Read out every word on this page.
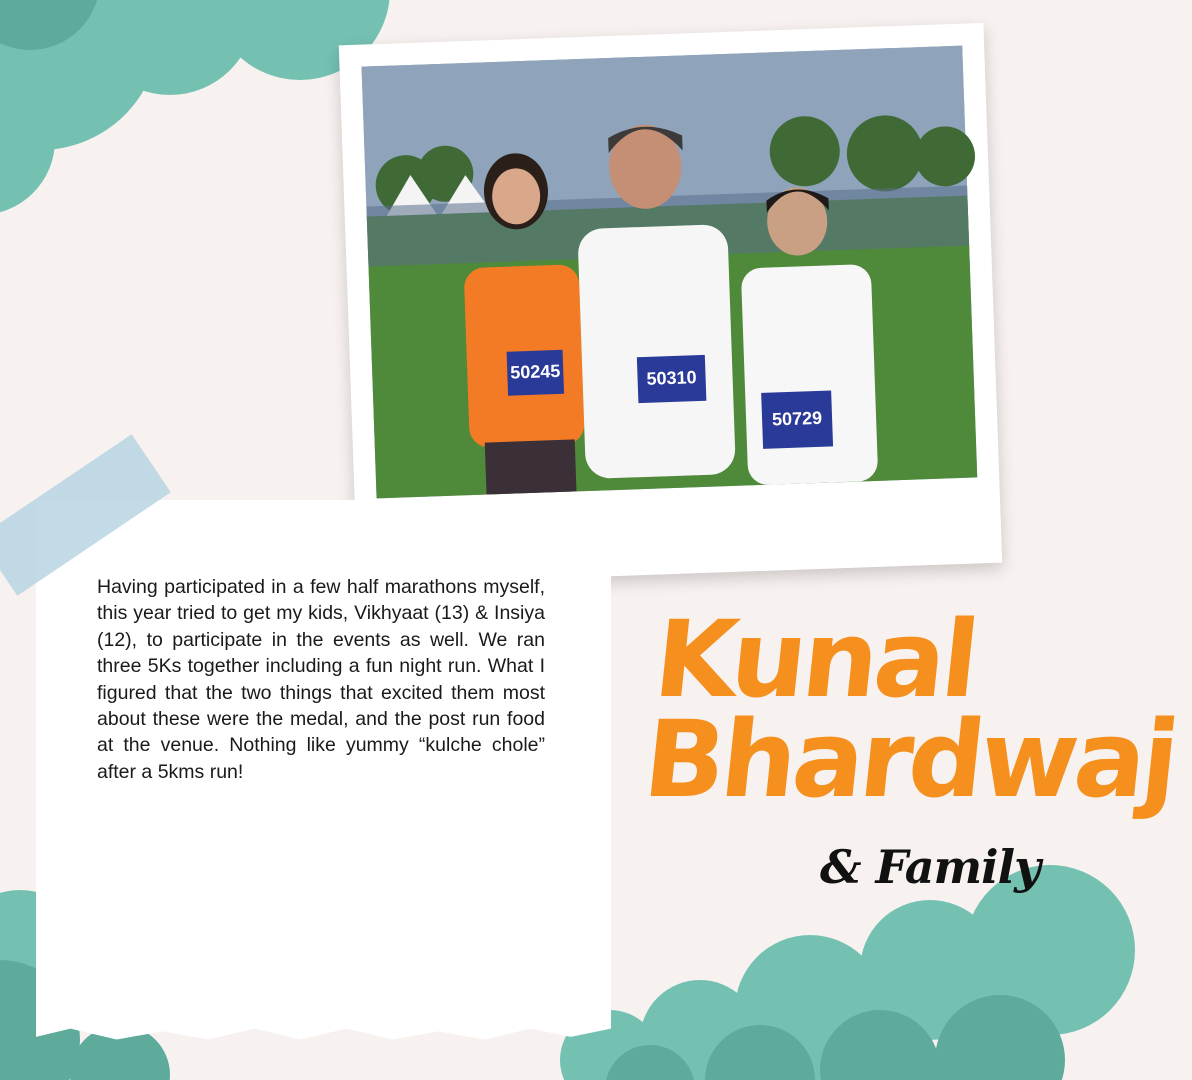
50245	50310
50729

Having participated in a few half marathons myself, this year tried to get my kids, Vikhyaat (13) & Insiya (12), to participate in the events as well. We ran three 5Ks together including a fun night run. What I figured that the two things that excited them most about these were the medal, and the post run food at the venue. Nothing like yummy “kulche chole” after a 5kms run!

Kunal
Bhardwaj
& Family
